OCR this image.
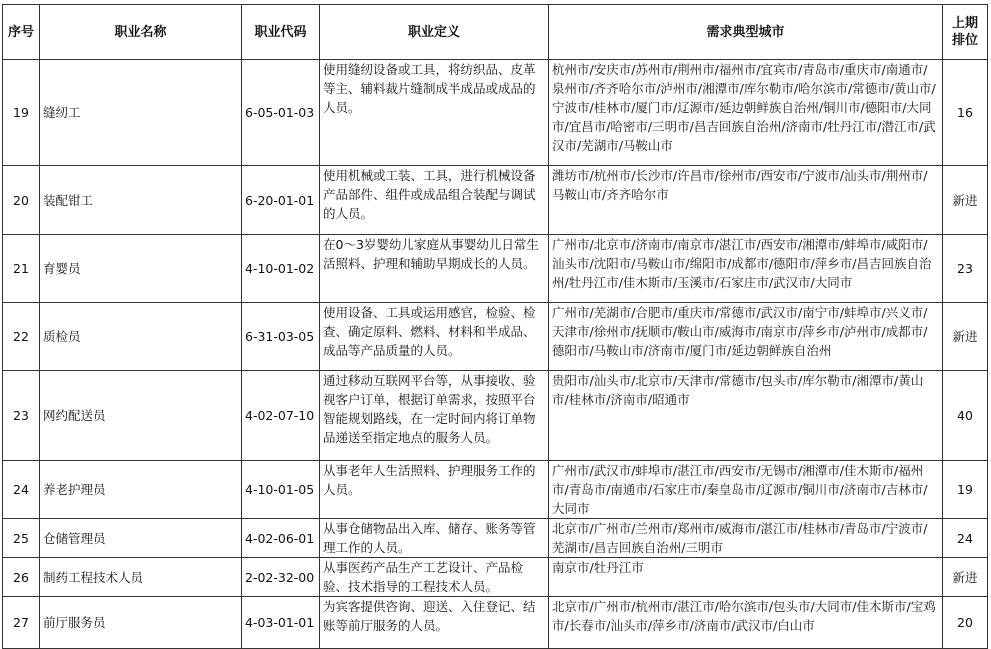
序号	职业名称	职业代码	职业定义	需求典型城市	上期
排位

19	缝纫工	6-05-01-03	使用缝纫设备或工具，将纺织品、皮革等主、辅料裁片缝制成半成品或成品的人员。	杭州市/安庆市/苏州市/荆州市/福州市/宜宾市/青岛市/重庆市/南通市/泉州市/齐齐哈尔市/泸州市/湘潭市/库尔勒市/哈尔滨市/常德市/黄山市/宁波市/桂林市/厦门市/辽源市/延边朝鲜族自治州/铜川市/德阳市/大同市/宜昌市/哈密市/三明市/昌吉回族自治州/济南市/牡丹江市/潜江市/武汉市/芜湖市/马鞍山市	16
20	装配钳工	6-20-01-01	使用机械或工装、工具，进行机械设备产品部件、组件或成品组合装配与调试的人员。	潍坊市/杭州市/长沙市/许昌市/徐州市/西安市/宁波市/汕头市/荆州市/马鞍山市/齐齐哈尔市	新进
21	育婴员	4-10-01-02	在0～3岁婴幼儿家庭从事婴幼儿日常生活照料、护理和辅助早期成长的人员。	广州市/北京市/济南市/南京市/湛江市/西安市/湘潭市/蚌埠市/咸阳市/汕头市/沈阳市/马鞍山市/绵阳市/成都市/德阳市/萍乡市/昌吉回族自治州/牡丹江市/佳木斯市/玉溪市/石家庄市/武汉市/大同市	23
22	质检员	6-31-03-05	使用设备、工具或运用感官，检验、检查、确定原料、燃料、材料和半成品、成品等产品质量的人员。	广州市/芜湖市/合肥市/重庆市/常德市/武汉市/南宁市/蚌埠市/兴义市/天津市/徐州市/抚顺市/鞍山市/威海市/南京市/萍乡市/泸州市/成都市/德阳市/马鞍山市/济南市/厦门市/延边朝鲜族自治州	新进
23	网约配送员	4-02-07-10	通过移动互联网平台等，从事接收、验视客户订单，根据订单需求，按照平台智能规划路线，在一定时间内将订单物品递送至指定地点的服务人员。	贵阳市/汕头市/北京市/天津市/常德市/包头市/库尔勒市/湘潭市/黄山市/桂林市/济南市/昭通市	40
24	养老护理员	4-10-01-05	从事老年人生活照料、护理服务工作的人员。	广州市/武汉市/蚌埠市/湛江市/西安市/无锡市/湘潭市/佳木斯市/福州市/青岛市/南通市/石家庄市/秦皇岛市/辽源市/铜川市/济南市/吉林市/大同市	19
25	仓储管理员	4-02-06-01	从事仓储物品出入库、储存、账务等管理工作的人员。	北京市/广州市/兰州市/郑州市/威海市/湛江市/桂林市/青岛市/宁波市/芜湖市/昌吉回族自治州/三明市	24
26	制药工程技术人员	2-02-32-00	从事医药产品生产工艺设计、产品检验、技术指导的工程技术人员。	南京市/牡丹江市	新进
27	前厅服务员	4-03-01-01	为宾客提供咨询、迎送、入住登记、结账等前厅服务的人员。	北京市/广州市/杭州市/湛江市/哈尔滨市/包头市/大同市/佳木斯市/宝鸡市/长春市/汕头市/萍乡市/济南市/武汉市/白山市	20
